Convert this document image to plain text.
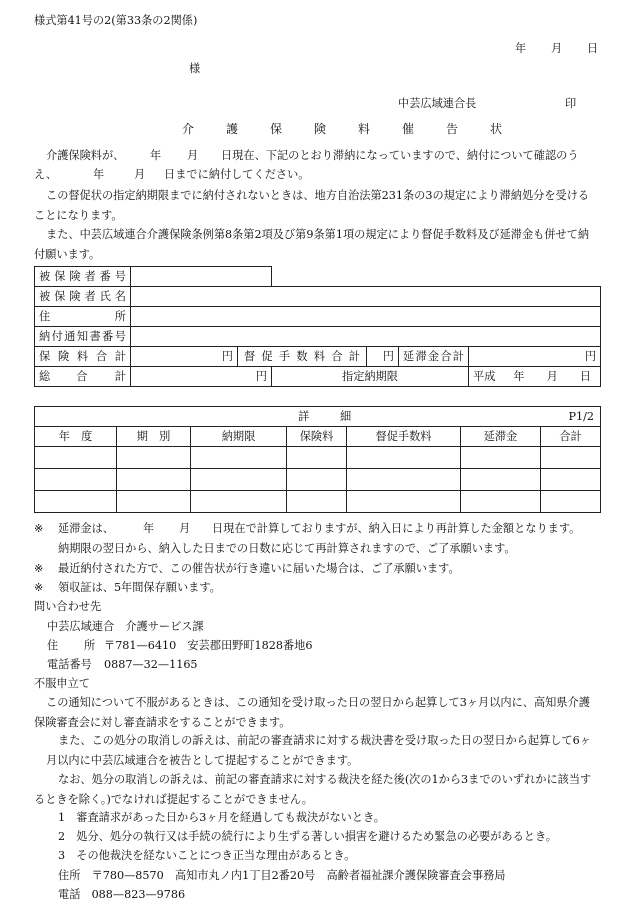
様式第41号の2(第33条の2関係)
年 月 日
様
中芸広域連合長	印
介	護	保	険	料	催	告	状
介護保険料が、 年 月 日現在、下記のとおり滞納になっていますので、納付について確認のう
え、	年	月 日までに納付してください。
この督促状の指定納期限までに納付されないときは、地方自治法第231条の3の規定により滞納処分を受けることになります。
また、中芸広域連合介護保険条例第8条第2項及び第9条第1項の規定により督促手数料及び延滞金も併せて納付願います。
被保険者番号						
被保険者氏名						

住 所						

納付通知書番号						
保険料合計	円	督促手数料合計		円	延滞金合計	円

総 合 計	円		指定納期限			平成 年 月 日
詳 細 P1/2						

年　度	期　別	納期限	保険料	督促手数料	延滞金	合計

※ 延滞金は、	年 月 日現在で計算しておりますが、納入日により再計算した金額となります。
納期限の翌日から、納入した日までの日数に応じて再計算されますので、ご了承願います。
※ 最近納付された方で、この催告状が行き違いに届いた場合は、ご了承願います。
※ 領収証は、5年間保存願います。
問い合わせ先
中芸広域連合　介護サービス課
住 所 〒781—6410　安芸郡田野町1828番地6
電話番号 0887—32—1165
不服申立て
この通知について不服があるときは、この通知を受け取った日の翌日から起算して3ヶ月以内に、高知県介護保険審査会に対し審査請求をすることができます。
また、この処分の取消しの訴えは、前記の審査請求に対する裁決書を受け取った日の翌日から起算して6ヶ月以内に中芸広域連合を被告として提起することができます。
なお、処分の取消しの訴えは、前記の審査請求に対する裁決を経た後(次の1から3までのいずれかに該当するときを除く。)でなければ提起することができません。
1　審査請求があった日から3ヶ月を経過しても裁決がないとき。
2　処分、処分の執行又は手続の続行により生ずる著しい損害を避けるため緊急の必要があるとき。
3　その他裁決を経ないことにつき正当な理由があるとき。
住所　〒780—8570　高知市丸ノ内1丁目2番20号　高齢者福祉課介護保険審査会事務局
電話　088—823—9786
